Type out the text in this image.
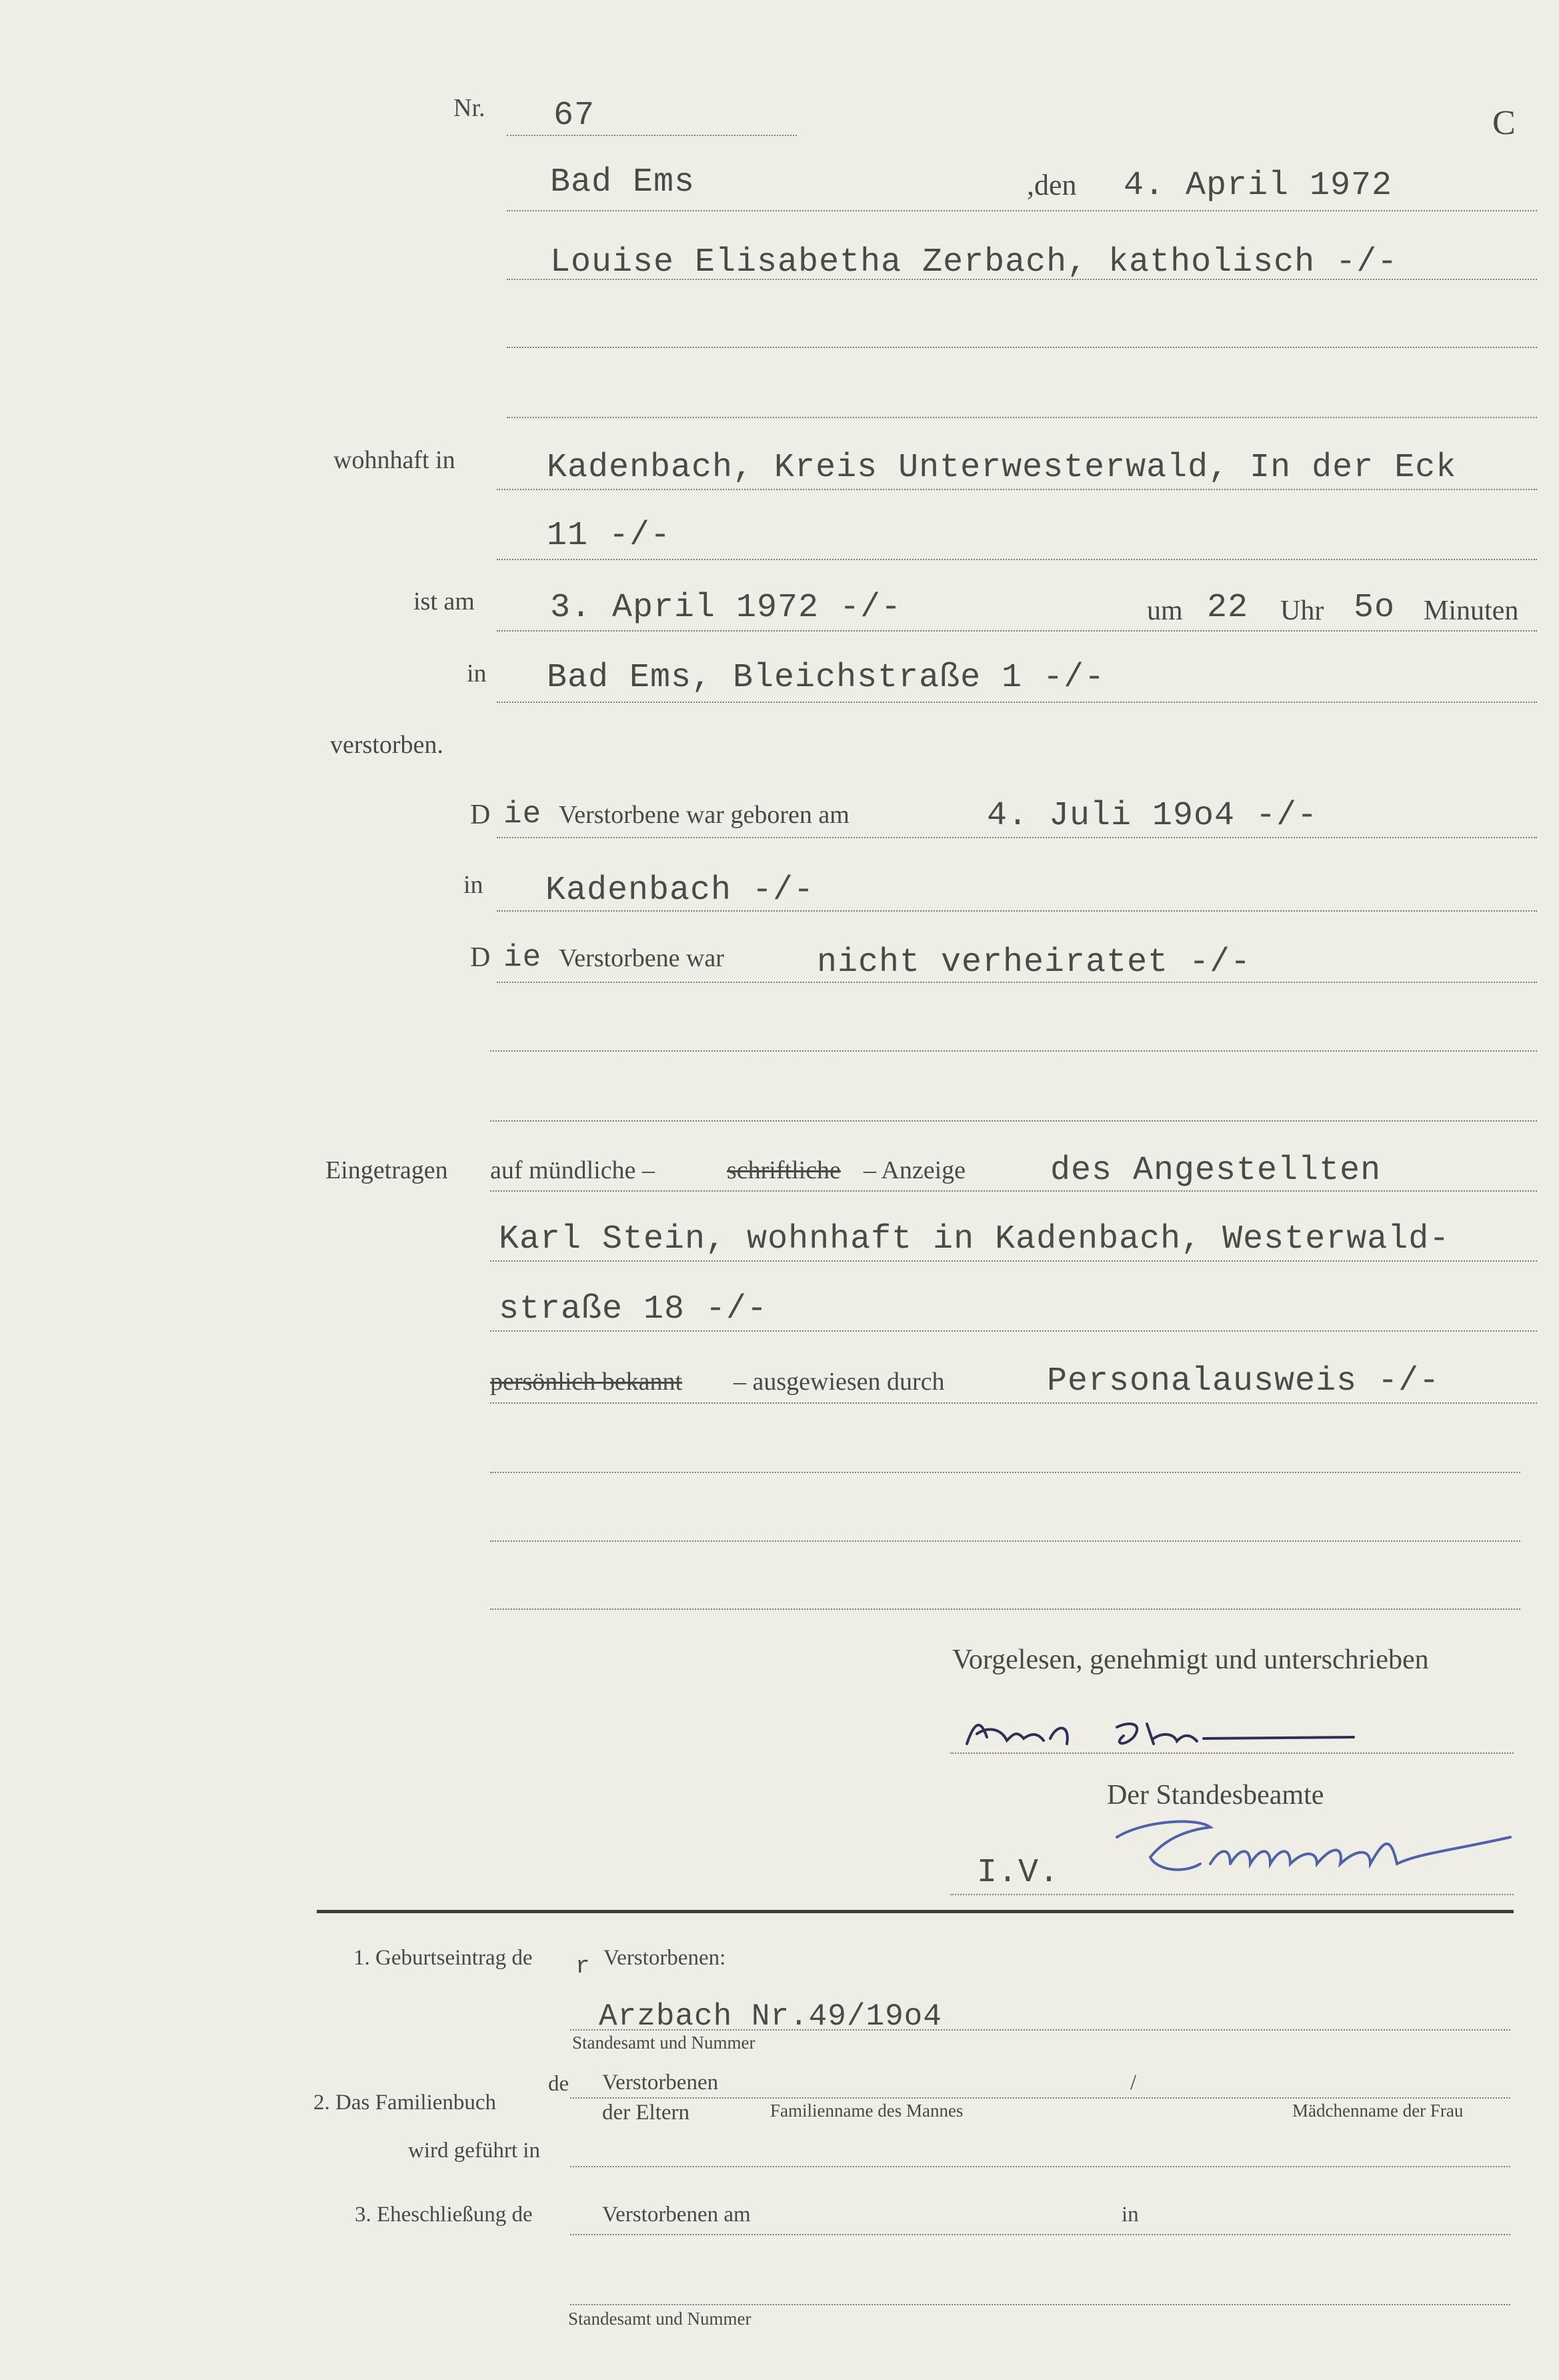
Nr. 67	C
Bad Ems	,den 4. April 1972
Louise Elisabetha Zerbach, katholisch -/-
wohnhaft in	Kadenbach, Kreis Unterwesterwald, In der Eck
11 -/-
ist am 3. April 1972 -/-	um 22 Uhr 5o Minuten
in Bad Ems, Bleichstraße 1 -/-
verstorben.
D ie Verstorbene war geboren am	4. Juli 19o4 -/-
in Kadenbach -/-
D ie Verstorbene war	nicht verheiratet -/-
Eingetragen auf mündliche –	schriftliche – Anzeige	des Angestellten
Karl Stein, wohnhaft in Kadenbach, Westerwald-
straße 18 -/-
persönlich bekannt – ausgewiesen durch	Personalausweis -/-
Vorgelesen, genehmigt und unterschrieben
Der Standesbeamte
I.V.
1. Geburtseintrag de r Verstorbenen:
Arzbach Nr.49/19o4
Standesamt und Nummer
2. Das Familienbuch
de Verstorbenen	/
der Eltern	Familienname des Mannes	Mädchenname der Frau
wird geführt in
3. Eheschließung de	Verstorbenen am	in
Standesamt und Nummer
